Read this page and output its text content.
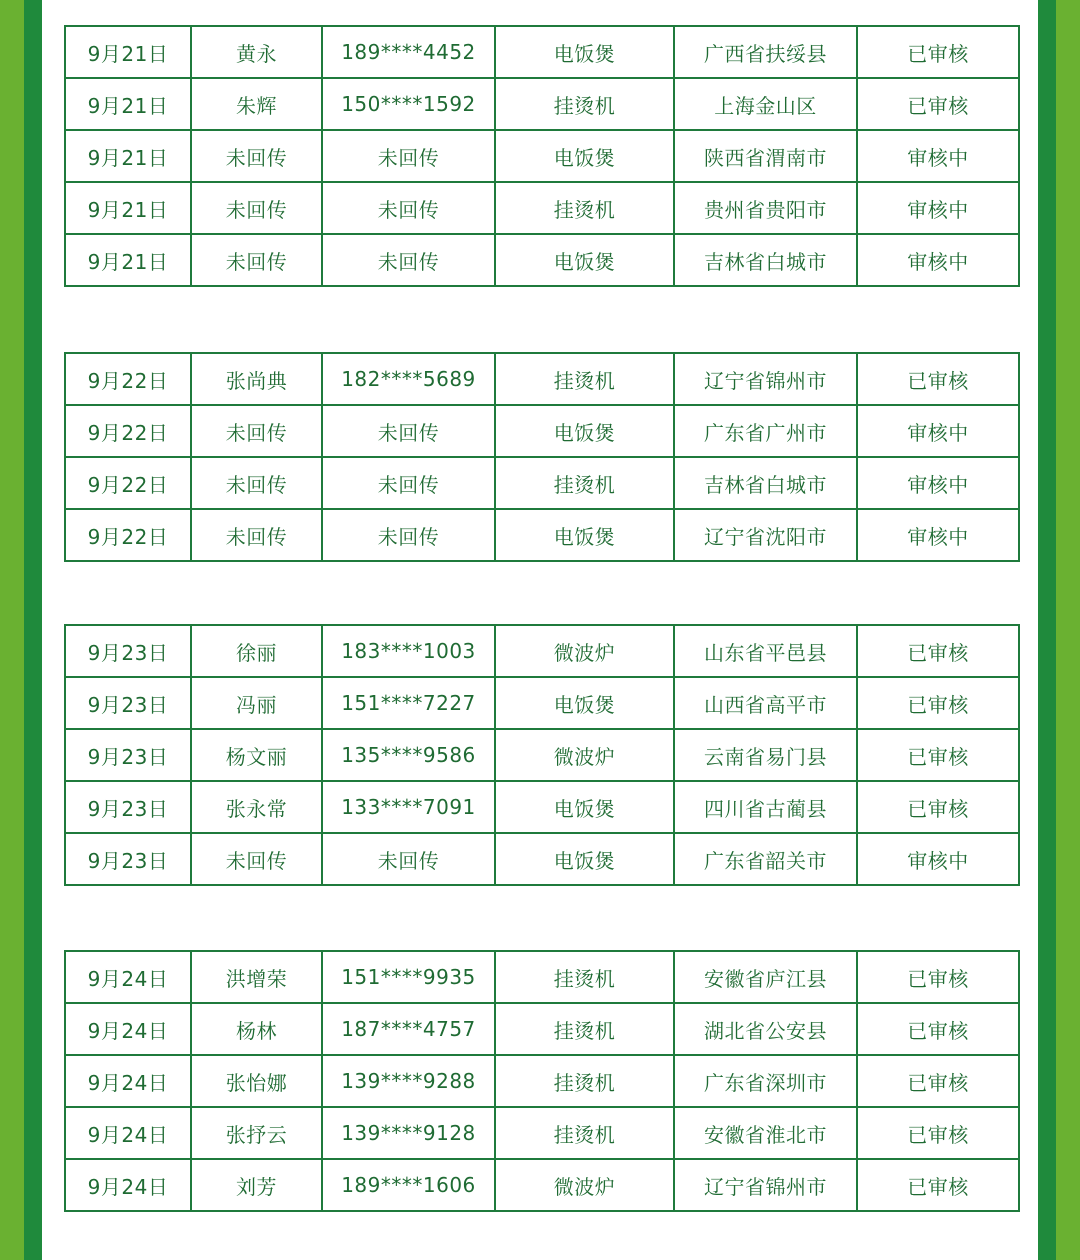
9月21日	黄永	189****4452	电饭煲	广西省扶绥县	已审核
9月21日	朱辉	150****1592	挂烫机	上海金山区	已审核
9月21日	未回传	未回传	电饭煲	陕西省渭南市	审核中
9月21日	未回传	未回传	挂烫机	贵州省贵阳市	审核中
9月21日	未回传	未回传	电饭煲	吉林省白城市	审核中
9月22日	张尚典	182****5689	挂烫机	辽宁省锦州市	已审核
9月22日	未回传	未回传	电饭煲	广东省广州市	审核中
9月22日	未回传	未回传	挂烫机	吉林省白城市	审核中
9月22日	未回传	未回传	电饭煲	辽宁省沈阳市	审核中
9月23日	徐丽	183****1003	微波炉	山东省平邑县	已审核
9月23日	冯丽	151****7227	电饭煲	山西省高平市	已审核
9月23日	杨文丽	135****9586	微波炉	云南省易门县	已审核
9月23日	张永常	133****7091	电饭煲	四川省古蔺县	已审核
9月23日	未回传	未回传	电饭煲	广东省韶关市	审核中
9月24日	洪增荣	151****9935	挂烫机	安徽省庐江县	已审核
9月24日	杨林	187****4757	挂烫机	湖北省公安县	已审核
9月24日	张怡娜	139****9288	挂烫机	广东省深圳市	已审核
9月24日	张抒云	139****9128	挂烫机	安徽省淮北市	已审核
9月24日	刘芳	189****1606	微波炉	辽宁省锦州市	已审核
